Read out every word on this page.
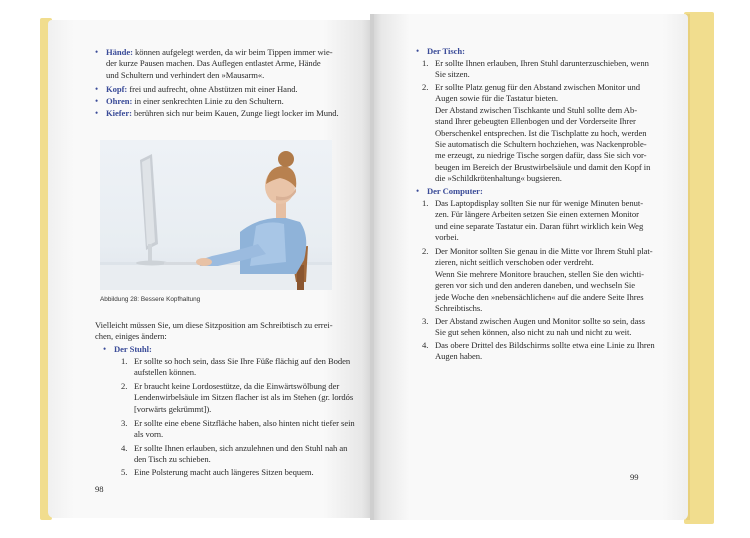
• Hände: können aufgelegt werden, da wir beim Tippen immer wie-
der kurze Pausen machen. Das Auflegen entlastet Arme, Hände
und Schultern und verhindert den »Mausarm«.
• Kopf: frei und aufrecht, ohne Abstützen mit einer Hand.
• Ohren: in einer senkrechten Linie zu den Schultern.
• Kiefer: berühren sich nur beim Kauen, Zunge liegt locker im Mund.
Abbildung 28: Bessere Kopfhaltung
Vielleicht müssen Sie, um diese Sitzposition am Schreibtisch zu errei-
chen, einiges ändern:
• Der Stuhl:
1. Er sollte so hoch sein, dass Sie Ihre Füße flächig auf den Boden
aufstellen können.
2. Er braucht keine Lordosestütze, da die Einwärtswölbung der
Lendenwirbelsäule im Sitzen flacher ist als im Stehen (gr. lordós
[vorwärts gekrümmt]).
3. Er sollte eine ebene Sitzfläche haben, also hinten nicht tiefer sein
als vorn.
4. Er sollte Ihnen erlauben, sich anzulehnen und den Stuhl nah an
den Tisch zu schieben.
5. Eine Polsterung macht auch längeres Sitzen bequem.
98
• Der Tisch:
1. Er sollte Ihnen erlauben, Ihren Stuhl darunterzuschieben, wenn
Sie sitzen.
2. Er sollte Platz genug für den Abstand zwischen Monitor und
Augen sowie für die Tastatur bieten.
Der Abstand zwischen Tischkante und Stuhl sollte dem Ab-
stand Ihrer gebeugten Ellenbogen und der Vorderseite Ihrer
Oberschenkel entsprechen. Ist die Tischplatte zu hoch, werden
Sie automatisch die Schultern hochziehen, was Nackenproble-
me erzeugt, zu niedrige Tische sorgen dafür, dass Sie sich vor-
beugen im Bereich der Brustwirbelsäule und damit den Kopf in
die »Schildkrötenhaltung« bugsieren.
• Der Computer:
1. Das Laptopdisplay sollten Sie nur für wenige Minuten benut-
zen. Für längere Arbeiten setzen Sie einen externen Monitor
und eine separate Tastatur ein. Daran führt wirklich kein Weg
vorbei.
2. Der Monitor sollten Sie genau in die Mitte vor Ihrem Stuhl plat-
zieren, nicht seitlich verschoben oder verdreht.
Wenn Sie mehrere Monitore brauchen, stellen Sie den wichti-
geren vor sich und den anderen daneben, und wechseln Sie
jede Woche den »nebensächlichen« auf die andere Seite Ihres
Schreibtischs.
3. Der Abstand zwischen Augen und Monitor sollte so sein, dass
Sie gut sehen können, also nicht zu nah und nicht zu weit.
4. Das obere Drittel des Bildschirms sollte etwa eine Linie zu Ihren
Augen haben.
99
